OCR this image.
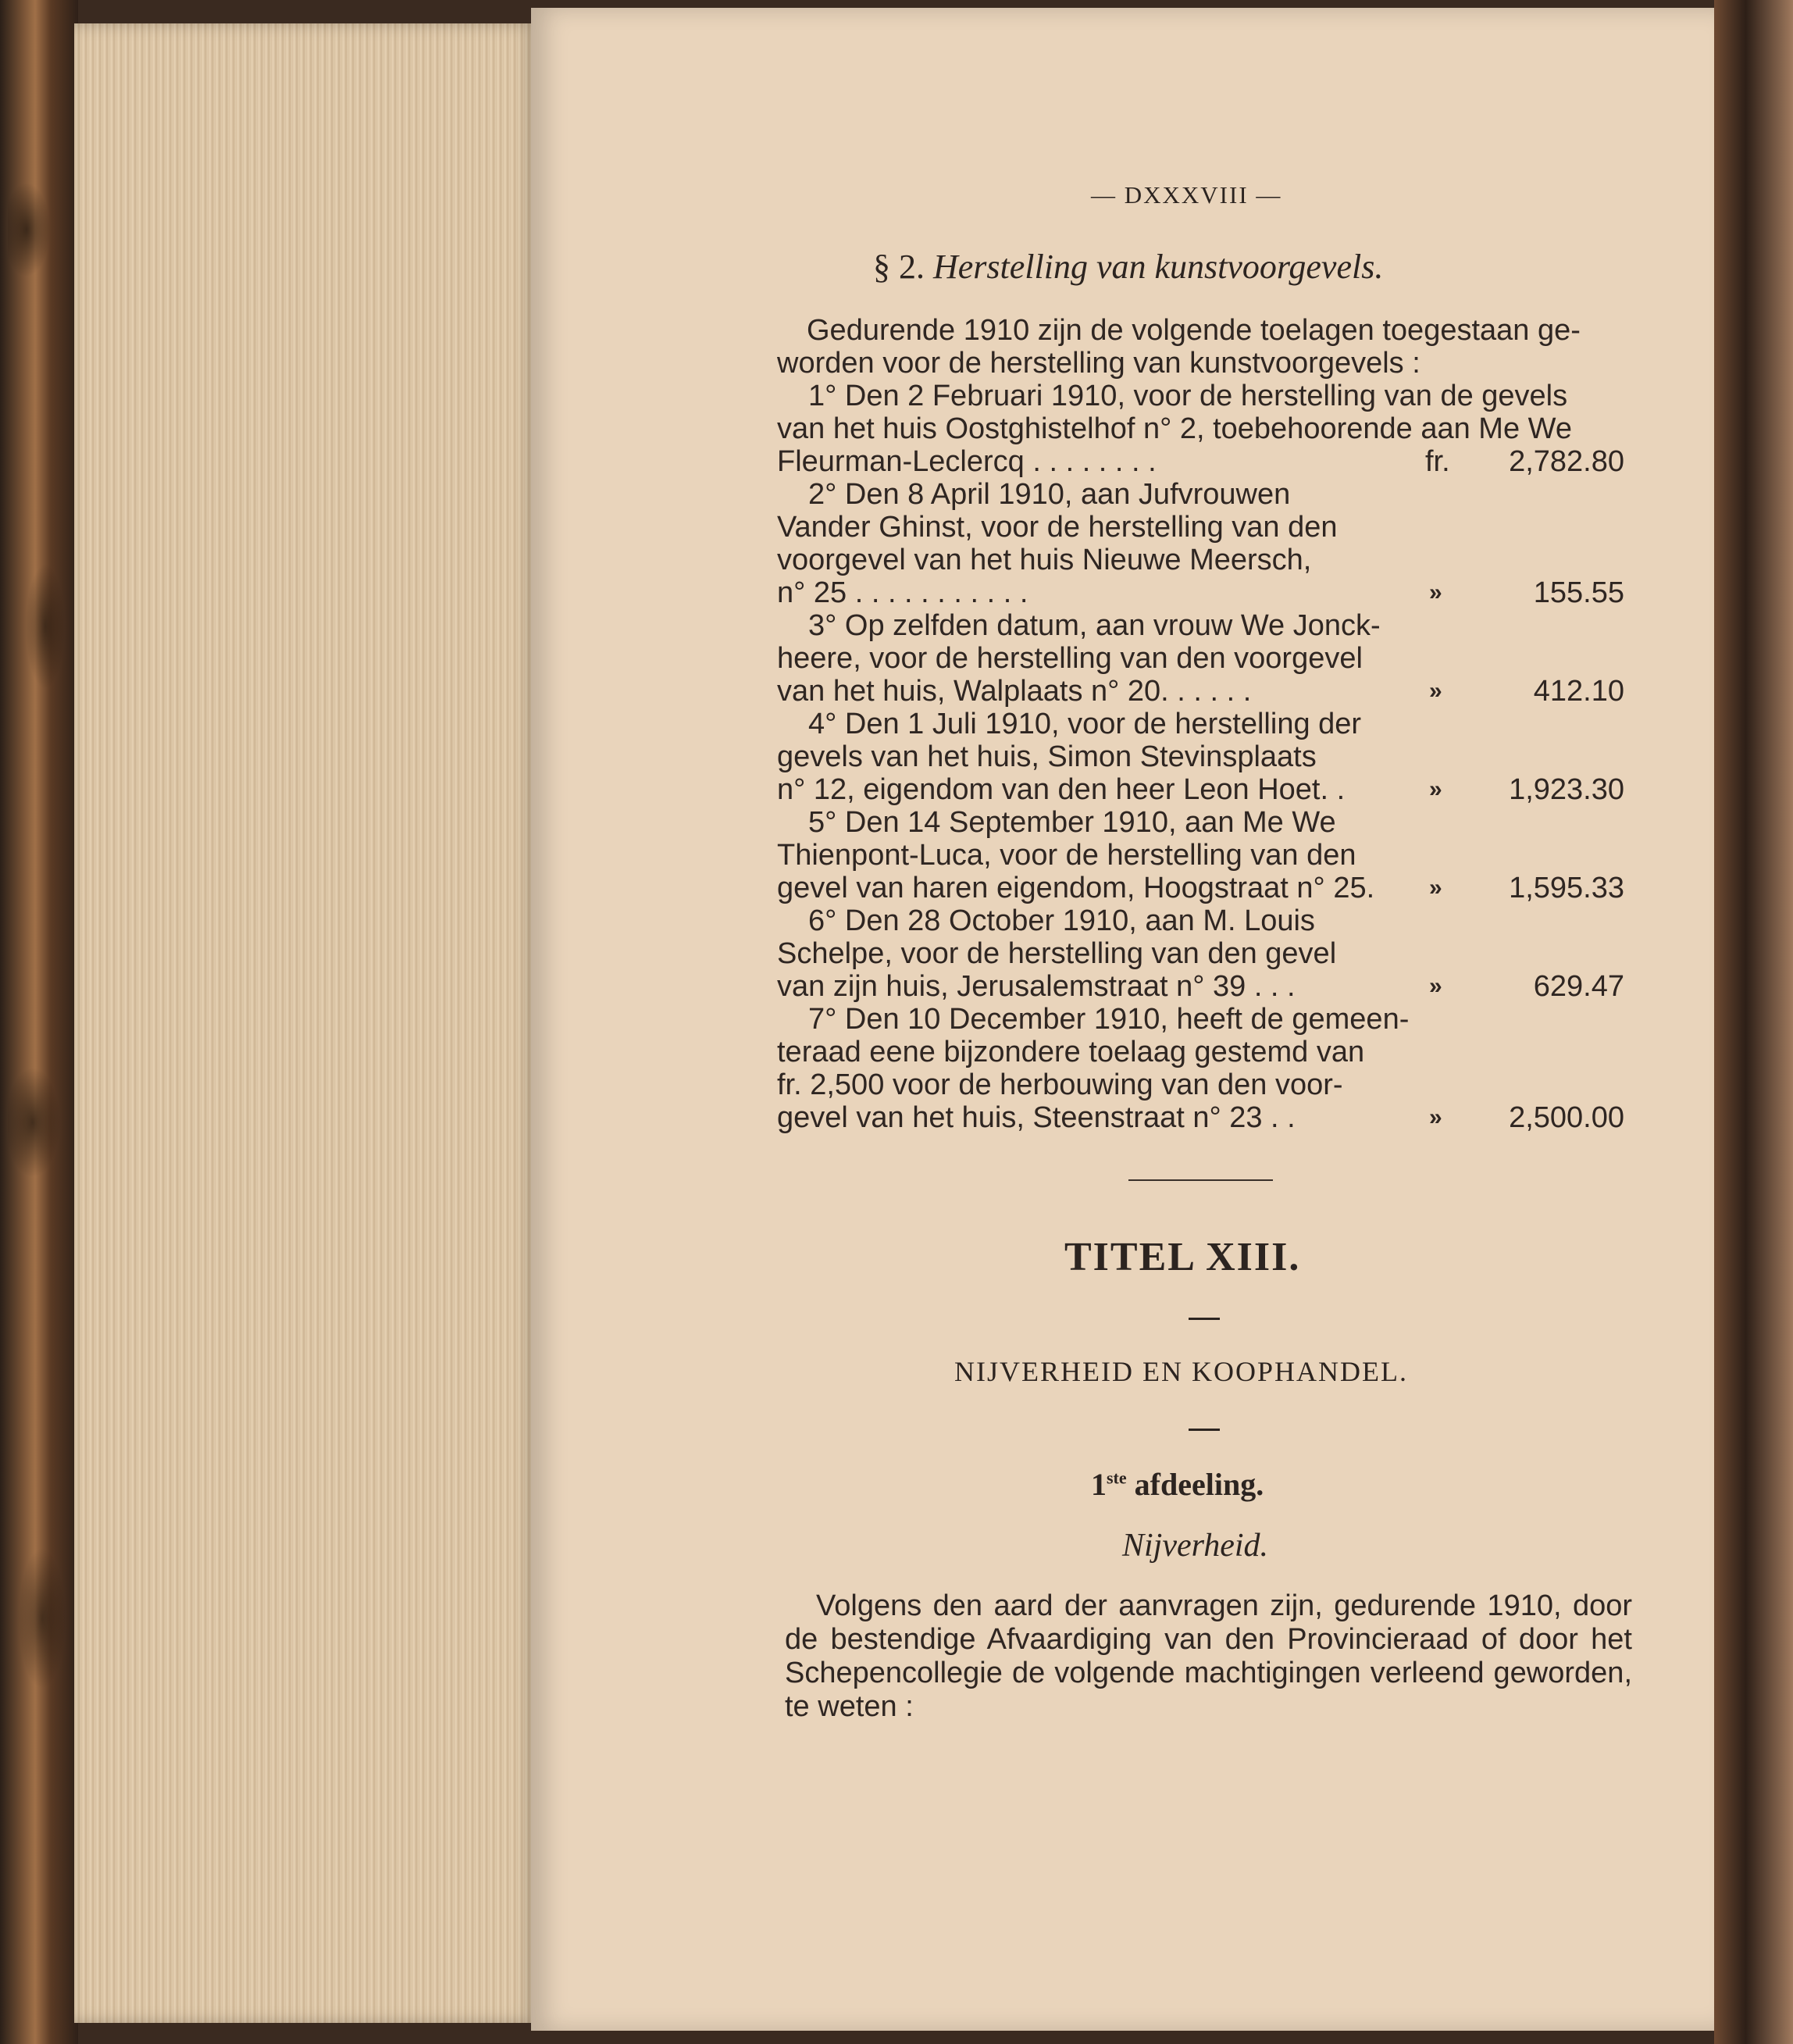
— DXXXVIII —
§ 2. Herstelling van kunstvoorgevels.
Gedurende 1910 zijn de volgende toelagen toegestaan ge-
worden voor de herstelling van kunstvoorgevels :
1° Den 2 Februari 1910, voor de herstelling van de gevels
van het huis Oostghistelhof n° 2, toebehoorende aan Me We
Fleurman-Leclercq . . . . . . . .	fr.	2,782.80
2° Den 8 April 1910, aan Jufvrouwen
Vander Ghinst, voor de herstelling van den
voorgevel van het huis Nieuwe Meersch,
n° 25 . . . . . . . . . . .	»	155.55
3° Op zelfden datum, aan vrouw We Jonck-
heere, voor de herstelling van den voorgevel
van het huis, Walplaats n° 20. . . . . .	»	412.10
4° Den 1 Juli 1910, voor de herstelling der
gevels van het huis, Simon Stevinsplaats
n° 12, eigendom van den heer Leon Hoet. .	»	1,923.30
5° Den 14 September 1910, aan Me We
Thienpont-Luca, voor de herstelling van den
gevel van haren eigendom, Hoogstraat n° 25.	»	1,595.33
6° Den 28 October 1910, aan M. Louis
Schelpe, voor de herstelling van den gevel
van zijn huis, Jerusalemstraat n° 39 . . .	»	629.47
7° Den 10 December 1910, heeft de gemeen-
teraad eene bijzondere toelaag gestemd van
fr. 2,500 voor de herbouwing van den voor-
gevel van het huis, Steenstraat n° 23 . .	»	2,500.00
TITEL XIII.
NIJVERHEID EN KOOPHANDEL.
1ste afdeeling.
Nijverheid.
Volgens den aard der aanvragen zijn, gedurende 1910, door de bestendige Afvaardiging van den Provincieraad of door het Schepencollegie de volgende machtigingen verleend geworden, te weten :
